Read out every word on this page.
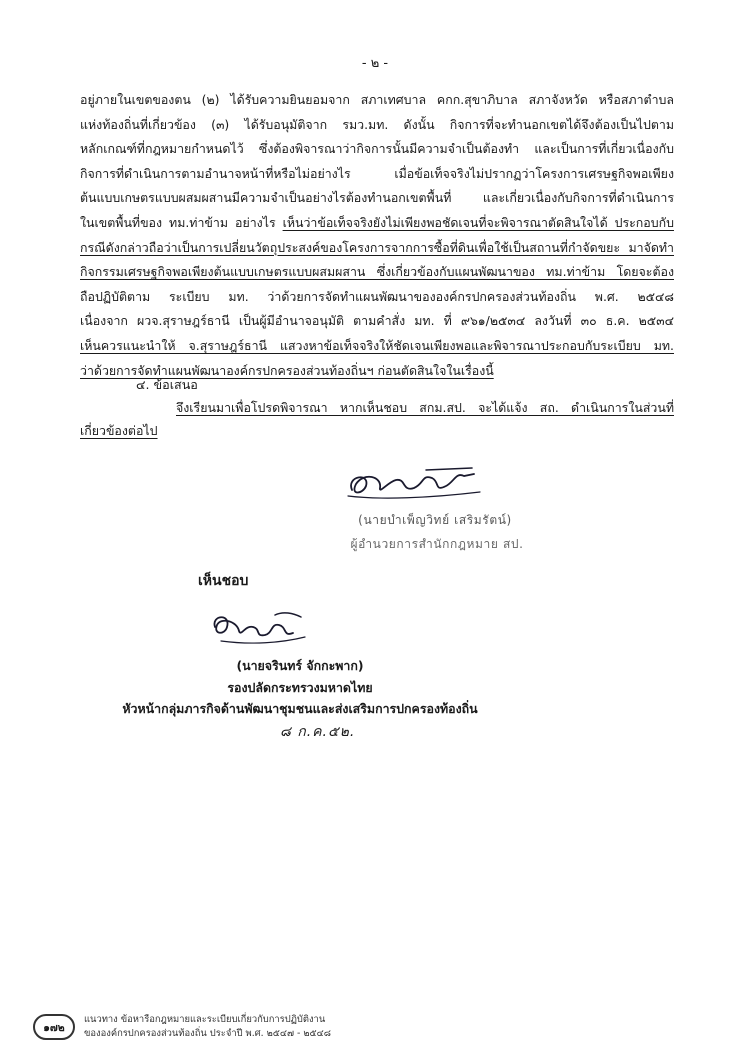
- ๒ -
อยู่ภายในเขตของตน (๒) ได้รับความยินยอมจาก สภาเทศบาล คกก.สุขาภิบาล สภาจังหวัด หรือสภาตำบล
แห่งท้องถิ่นที่เกี่ยวข้อง (๓) ได้รับอนุมัติจาก รมว.มท. ดังนั้น กิจการที่จะทำนอกเขตได้จึงต้องเป็นไปตาม
หลักเกณฑ์ที่กฎหมายกำหนดไว้ ซึ่งต้องพิจารณาว่ากิจการนั้นมีความจำเป็นต้องทำ และเป็นการที่เกี่ยวเนื่องกับ
กิจการที่ดำเนินการตามอำนาจหน้าที่หรือไม่อย่างไร เมื่อข้อเท็จจริงไม่ปรากฏว่าโครงการเศรษฐกิจพอเพียง
ต้นแบบเกษตรแบบผสมผสานมีความจำเป็นอย่างไรต้องทำนอกเขตพื้นที่ และเกี่ยวเนื่องกับกิจการที่ดำเนินการ
ในเขตพื้นที่ของ ทม.ท่าข้าม อย่างไร เห็นว่าข้อเท็จจริงยังไม่เพียงพอชัดเจนที่จะพิจารณาตัดสินใจได้ ประกอบกับ
กรณีดังกล่าวถือว่าเป็นการเปลี่ยนวัตถุประสงค์ของโครงการจากการซื้อที่ดินเพื่อใช้เป็นสถานที่กำจัดขยะ มาจัดทำ
กิจกรรมเศรษฐกิจพอเพียงต้นแบบเกษตรแบบผสมผสาน ซึ่งเกี่ยวข้องกับแผนพัฒนาของ ทม.ท่าข้าม โดยจะต้อง
ถือปฏิบัติตาม ระเบียบ มท. ว่าด้วยการจัดทำแผนพัฒนาขององค์กรปกครองส่วนท้องถิ่น พ.ศ. ๒๕๔๘
เนื่องจาก ผวจ.สุราษฎร์ธานี เป็นผู้มีอำนาจอนุมัติ ตามคำสั่ง มท. ที่ ๙๖๑/๒๕๓๔ ลงวันที่ ๓๐ ธ.ค. ๒๕๓๔
เห็นควรแนะนำให้ จ.สุราษฎร์ธานี แสวงหาข้อเท็จจริงให้ชัดเจนเพียงพอและพิจารณาประกอบกับระเบียบ มท.
ว่าด้วยการจัดทำแผนพัฒนาองค์กรปกครองส่วนท้องถิ่นฯ ก่อนตัดสินใจในเรื่องนี้
๔. ข้อเสนอ
จึงเรียนมาเพื่อโปรดพิจารณา หากเห็นชอบ สกม.สป. จะได้แจ้ง สถ. ดำเนินการในส่วนที่
เกี่ยวข้องต่อไป
(นายบำเพ็ญวิทย์ เสริมรัตน์)
ผู้อำนวยการสำนักกฎหมาย สป.
เห็นชอบ
(นายจรินทร์ จักกะพาก)
รองปลัดกระทรวงมหาดไทย
หัวหน้ากลุ่มภารกิจด้านพัฒนาชุมชนและส่งเสริมการปกครองท้องถิ่น
๘ ก.ค.๕๒.
๑๗๒
แนวทาง ข้อหารือกฎหมายและระเบียบเกี่ยวกับการปฏิบัติงาน
ขององค์กรปกครองส่วนท้องถิ่น ประจำปี พ.ศ. ๒๕๔๗ - ๒๕๔๘
